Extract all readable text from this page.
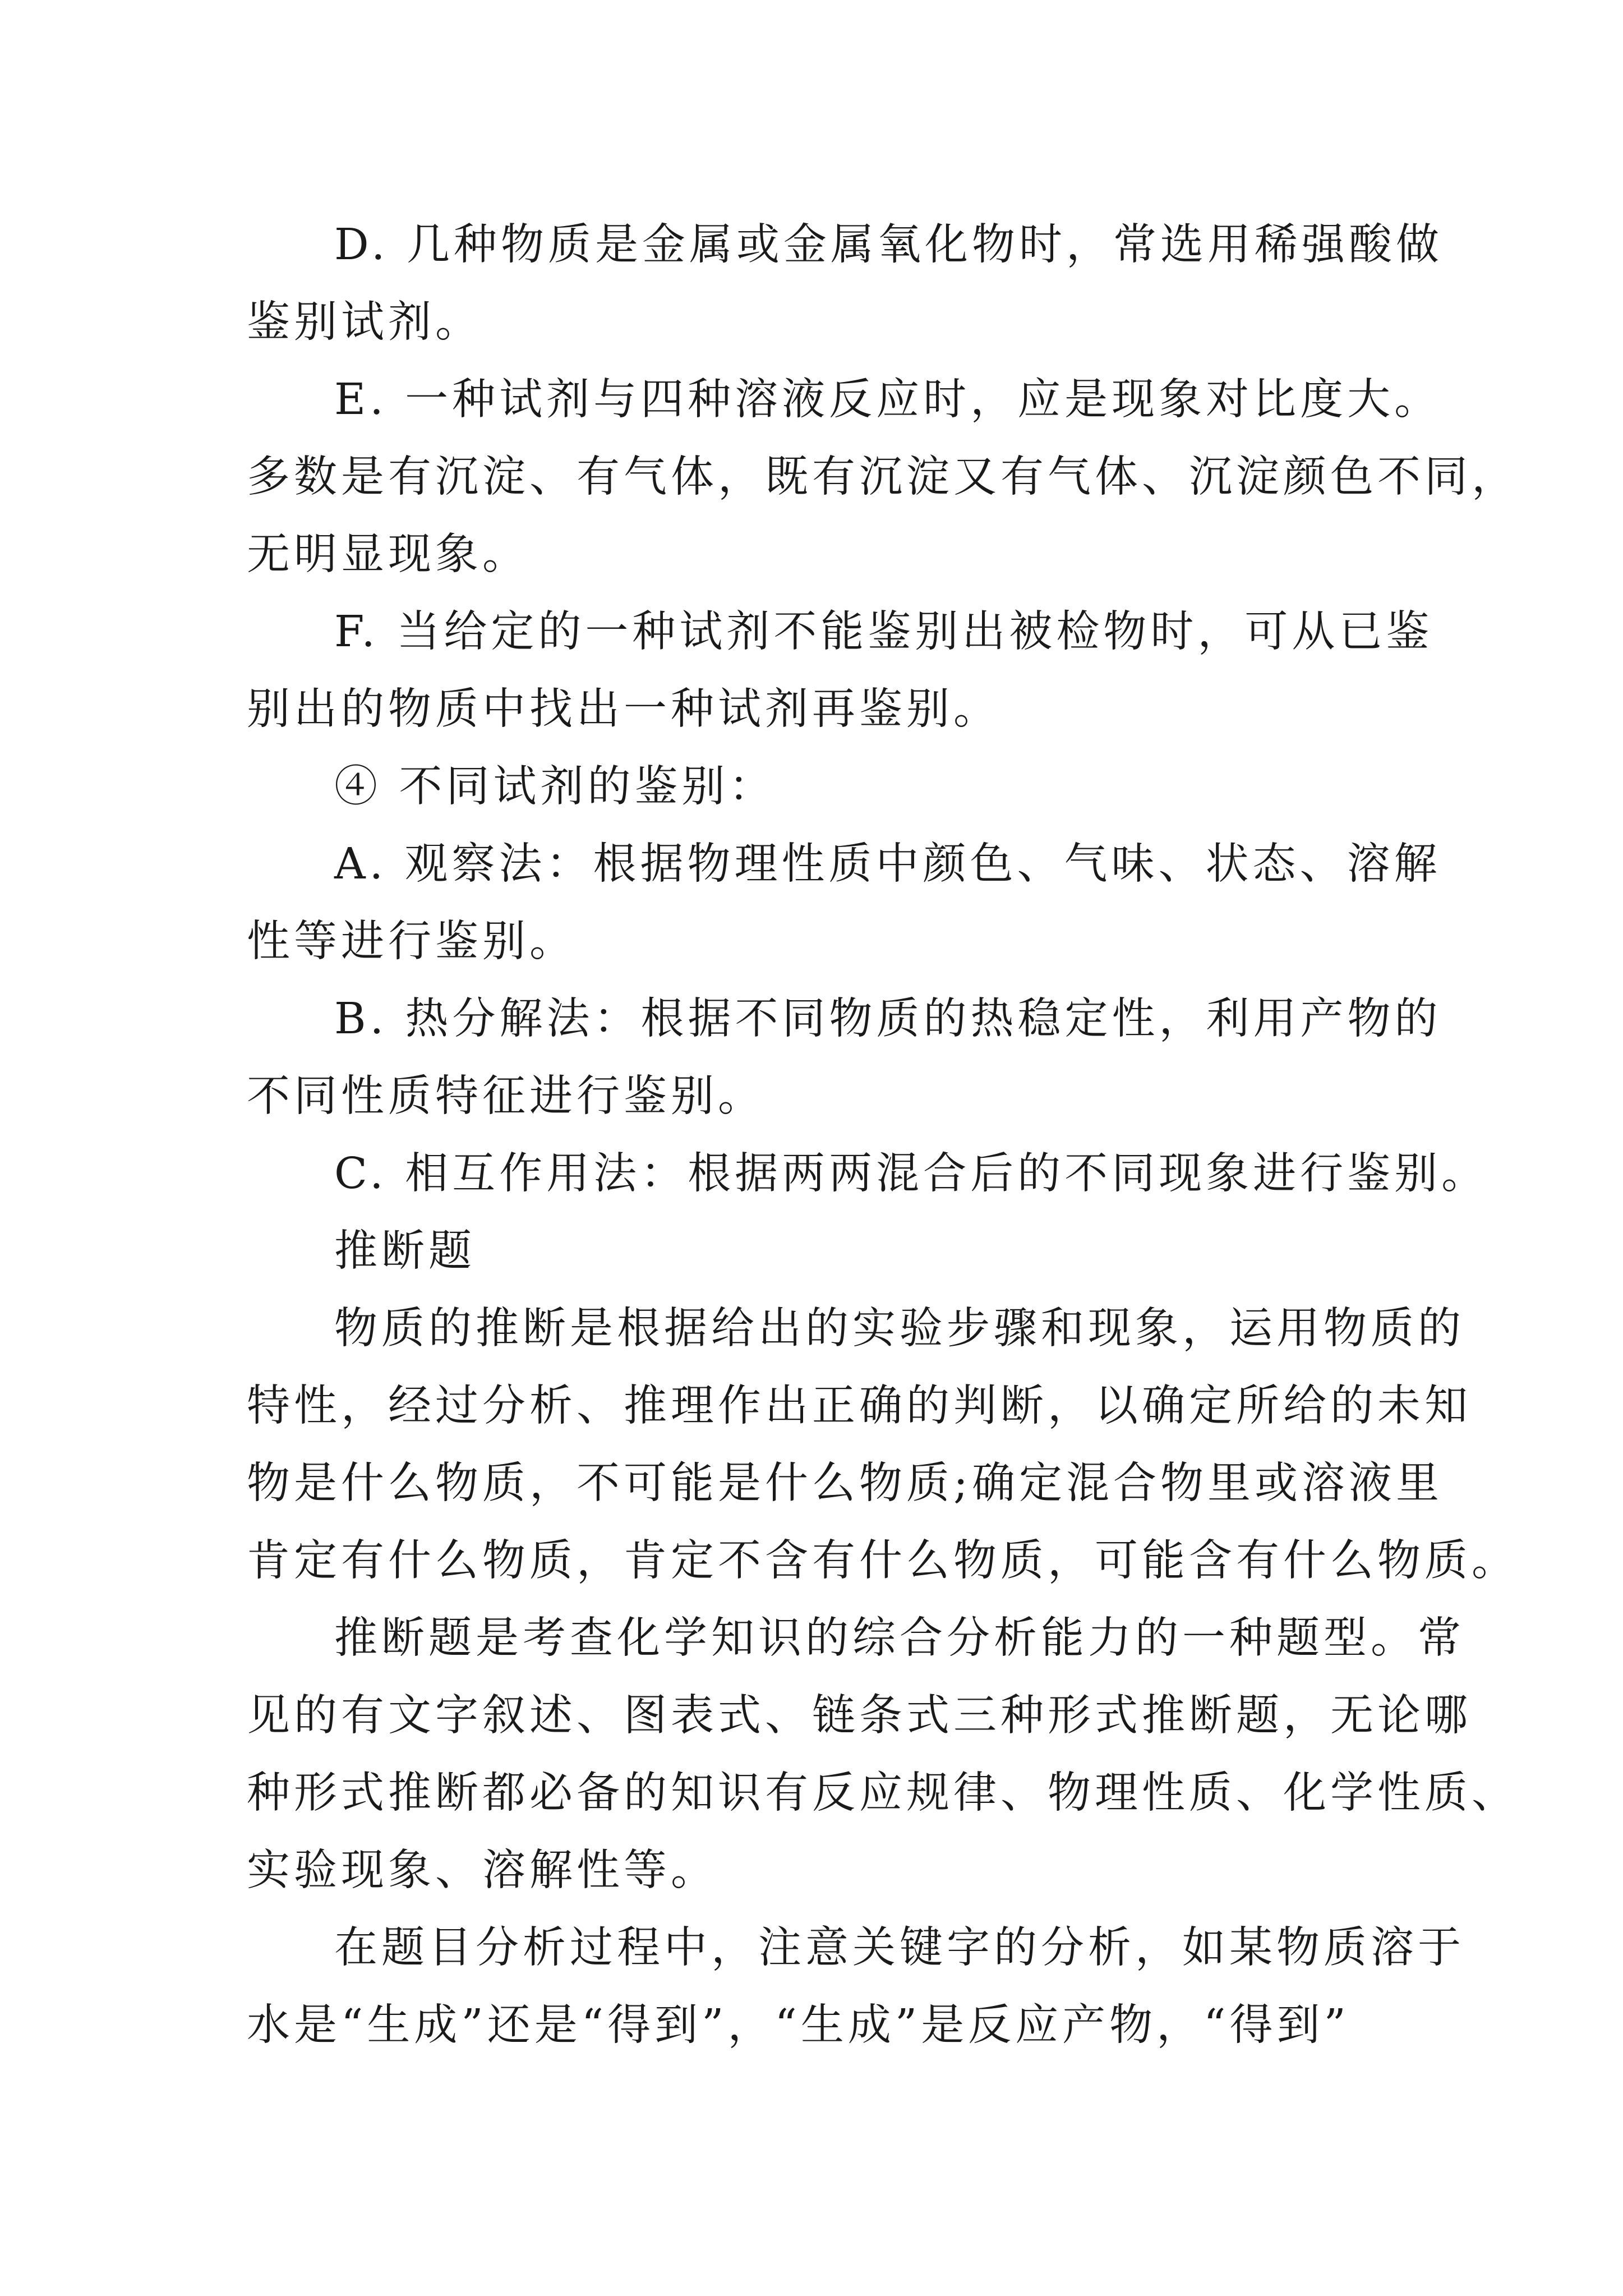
D. 几种物质是金属或金属氧化物时，常选用稀强酸做
鉴别试剂。
E. 一种试剂与四种溶液反应时，应是现象对比度大。
多数是有沉淀、有气体，既有沉淀又有气体、沉淀颜色不同，
无明显现象。
F. 当给定的一种试剂不能鉴别出被检物时，可从已鉴
别出的物质中找出一种试剂再鉴别。
④ 不同试剂的鉴别：
A. 观察法：根据物理性质中颜色、气味、状态、溶解
性等进行鉴别。
B. 热分解法：根据不同物质的热稳定性，利用产物的
不同性质特征进行鉴别。
C. 相互作用法：根据两两混合后的不同现象进行鉴别。
推断题
物质的推断是根据给出的实验步骤和现象，运用物质的
特性，经过分析、推理作出正确的判断，以确定所给的未知
物是什么物质，不可能是什么物质;确定混合物里或溶液里
肯定有什么物质，肯定不含有什么物质，可能含有什么物质。
推断题是考查化学知识的综合分析能力的一种题型。常
见的有文字叙述、图表式、链条式三种形式推断题，无论哪
种形式推断都必备的知识有反应规律、物理性质、化学性质、
实验现象、溶解性等。
在题目分析过程中，注意关键字的分析，如某物质溶于
水是“生成”还是“得到”，“生成”是反应产物，“得到”
